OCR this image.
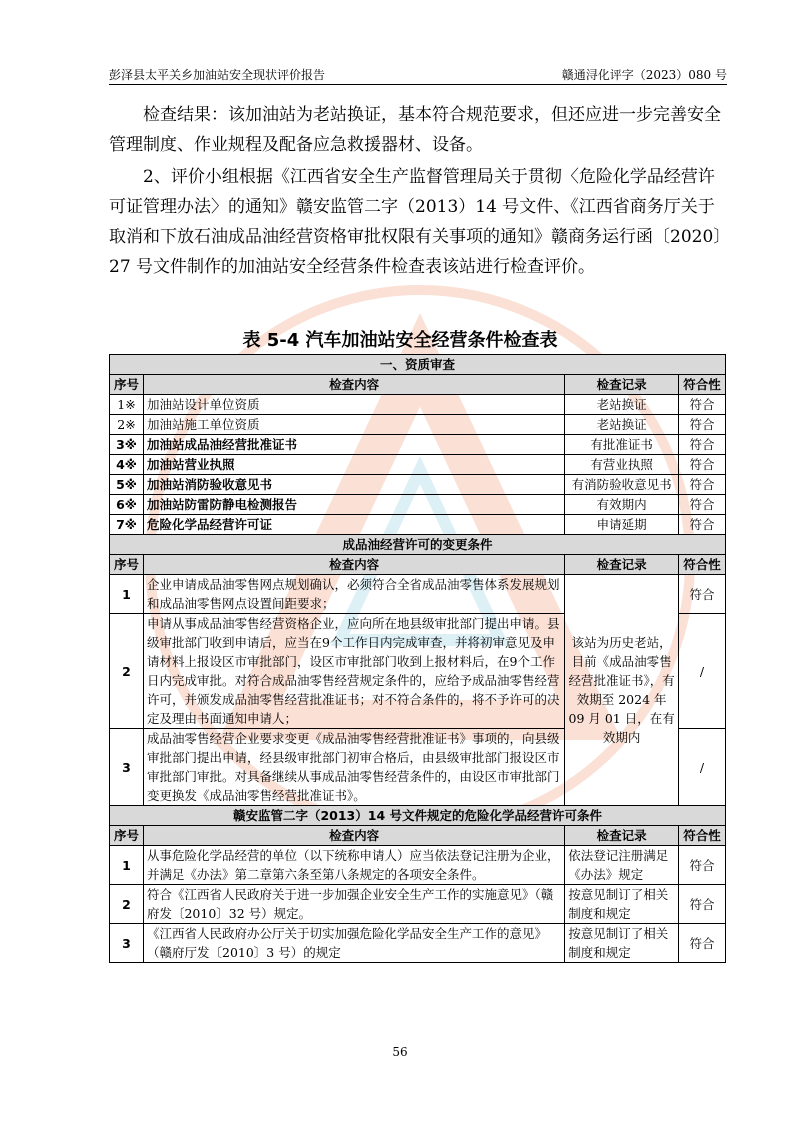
彭泽县太平关乡加油站安全现状评价报告	赣通浔化评字（2023）080 号

检查结果：该加油站为老站换证，基本符合规范要求，但还应进一步完善安全管理制度、作业规程及配备应急救援器材、设备。

2、评价小组根据《江西省安全生产监督管理局关于贯彻〈危险化学品经营许可证管理办法〉的通知》赣安监管二字（2013）14 号文件、《江西省商务厅关于取消和下放石油成品油经营资格审批权限有关事项的通知》赣商务运行函〔2020〕27 号文件制作的加油站安全经营条件检查表该站进行检查评价。

表 5-4 汽车加油站安全经营条件检查表
一、资质审查			
序号	检查内容	检查记录	符合性
1※	加油站设计单位资质	老站换证	符合
2※	加油站施工单位资质	老站换证	符合
3※	加油站成品油经营批准证书	有批准证书	符合
4※	加油站营业执照	有营业执照	符合
5※	加油站消防验收意见书	有消防验收意见书	符合
6※	加油站防雷防静电检测报告	有效期内	符合
7※	危险化学品经营许可证	申请延期	符合
成品油经营许可的变更条件			
序号	检查内容	检查记录	符合性
1	企业申请成品油零售网点规划确认，必须符合全省成品油零售体系发展规划和成品油零售网点设置间距要求；	该站为历史老站，目前《成品油零售经营批准证书》，有效期至 2024 年 09 月 01 日，在有效期内	符合
2	申请从事成品油零售经营资格企业，应向所在地县级审批部门提出申请。县级审批部门收到申请后，应当在9个工作日内完成审查，并将初审意见及申请材料上报设区市审批部门，设区市审批部门收到上报材料后，在9个工作日内完成审批。对符合成品油零售经营规定条件的，应给予成品油零售经营许可，并颁发成品油零售经营批准证书；对不符合条件的，将不予许可的决定及理由书面通知申请人；		/
3	成品油零售经营企业要求变更《成品油零售经营批准证书》事项的，向县级审批部门提出申请，经县级审批部门初审合格后，由县级审批部门报设区市审批部门审批。对具备继续从事成品油零售经营条件的，由设区市审批部门变更换发《成品油零售经营批准证书》。		/
赣安监管二字（2013）14 号文件规定的危险化学品经营许可条件			
序号	检查内容	检查记录	符合性
1	从事危险化学品经营的单位（以下统称申请人）应当依法登记注册为企业，并满足《办法》第二章第六条至第八条规定的各项安全条件。	依法登记注册满足《办法》规定	符合
2	符合《江西省人民政府关于进一步加强企业安全生产工作的实施意见》（赣府发〔2010〕32 号）规定。	按意见制订了相关制度和规定	符合
3	《江西省人民政府办公厅关于切实加强危险化学品安全生产工作的意见》（赣府厅发〔2010〕3 号）的规定	按意见制订了相关制度和规定	符合
56
